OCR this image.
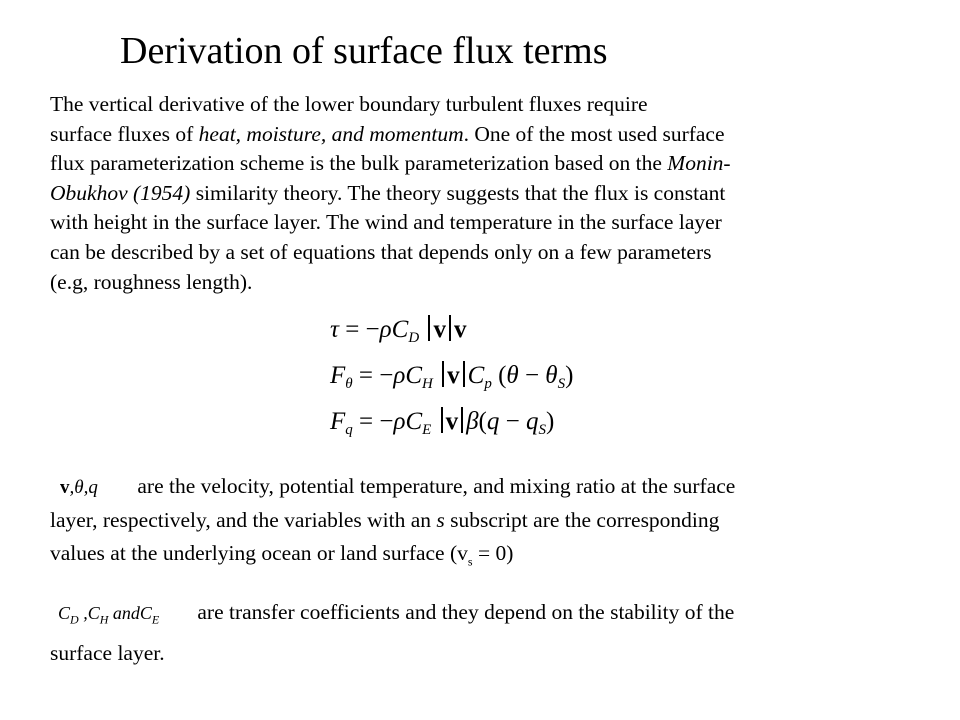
Derivation of surface flux terms

The vertical derivative of the lower boundary turbulent fluxes require
surface fluxes of heat, moisture, and momentum. One of the most used surface
flux parameterization scheme is the bulk parameterization based on the Monin-
Obukhov (1954) similarity theory. The theory suggests that the flux is constant
with height in the surface layer. The wind and temperature in the surface layer
can be described by a set of equations that depends only on a few parameters
(e.g, roughness length).

$\tau = -\rho C_D$ v v
$F_\theta = -\rho C_H$ v $C_p$ $(\theta - \theta_S)$
$F_q = -\rho C_E$ v $\beta(q - q_S)$
v,θ,q are the velocity, potential temperature, and mixing ratio at the surface
layer, respectively, and the variables with an s subscript are the corresponding
values at the underlying ocean or land surface $(v_s = 0)$
$C_D$ $,C_H$ andC$_E$ are transfer coefficients and they depend on the stability of the
surface layer.
